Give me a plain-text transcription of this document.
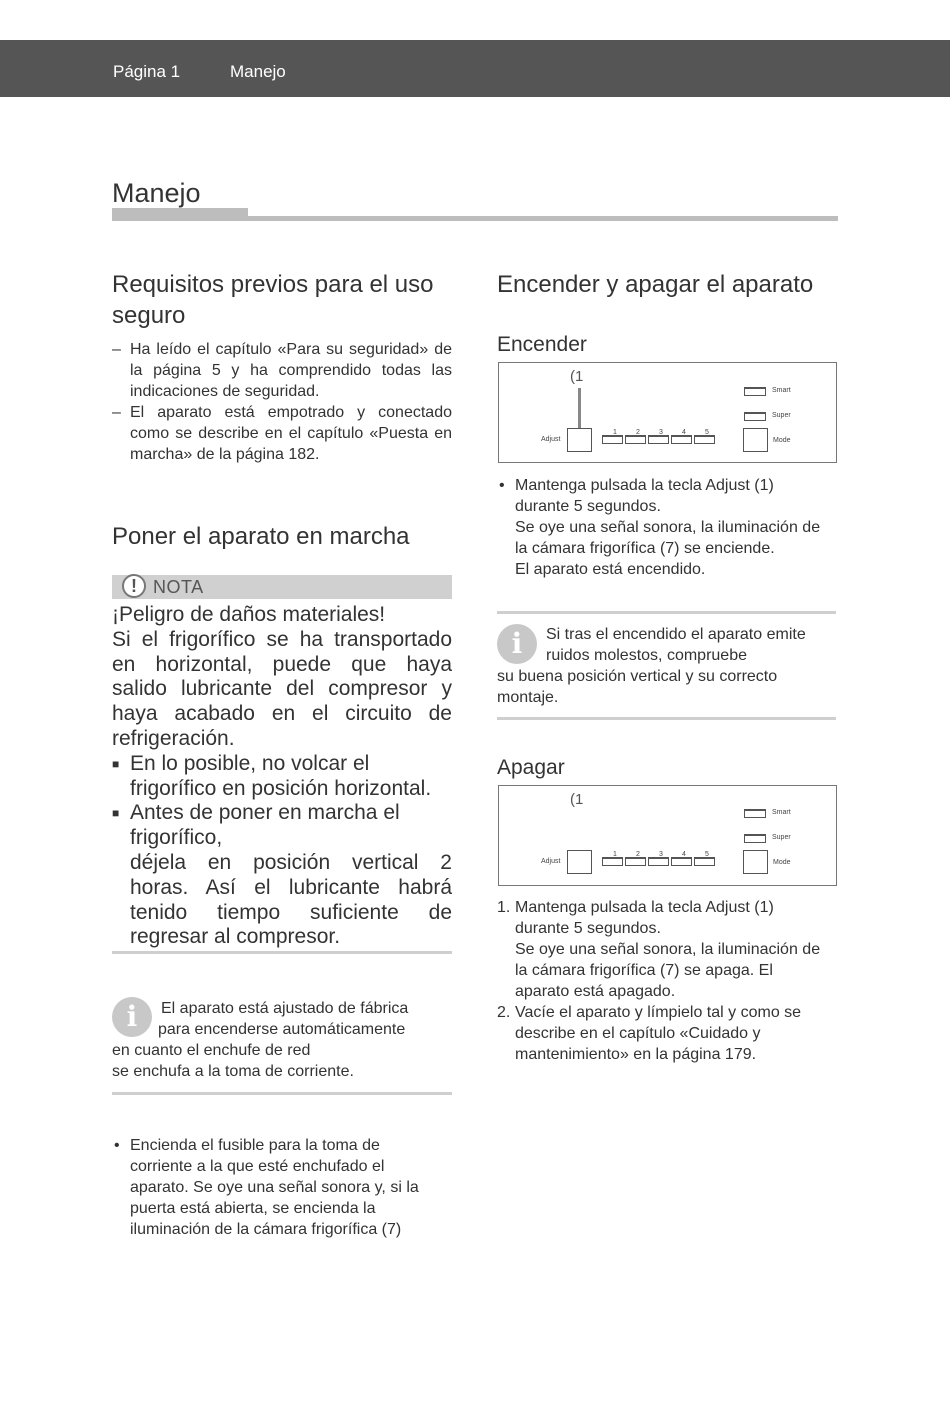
Página 1	Manejo
Manejo
Requisitos previos para el uso seguro
– Ha leído el capítulo «Para su seguridad» de la página 5 y ha comprendido todas las indicaciones de seguridad.
– El aparato está empotrado y conectado como se describe en el capítulo «Puesta en marcha» de la página 182.
Poner el aparato en marcha
! NOTA
¡Peligro de daños materiales!
Si el frigorífico se ha transportado en horizontal, puede que haya salido lubricante del compresor y haya acabado en el circuito de refrigeración.
■ En lo posible, no volcar el frigorífico en posición horizontal.
■ Antes de poner en marcha el frigorífico,
déjela en posición vertical 2 horas. Así el lubricante habrá tenido tiempo suficiente de regresar al compresor.
i	El aparato está ajustado de fábrica
para encenderse automáticamente
en cuanto el enchufe de red
se enchufa a la toma de corriente.
• Encienda el fusible para la toma de corriente a la que esté enchufado el aparato. Se oye una señal sonora y, si la puerta está abierta, se encienda la iluminación de la cámara frigorífica (7)
Encender y apagar el aparato
Encender
(1
Adjust
1	2	3	4	5
Smart
Super
Mode
• Mantenga pulsada la tecla Adjust (1) durante 5 segundos.
Se oye una señal sonora, la iluminación de la cámara frigorífica (7) se enciende.
El aparato está encendido.
i	Si tras el encendido el aparato emite
ruidos molestos, compruebe
su buena posición vertical y su correcto montaje.
Apagar
(1
Adjust
1	2	3	4	5
Smart
Super
Mode
1. Mantenga pulsada la tecla Adjust (1) durante 5 segundos.
Se oye una señal sonora, la iluminación de la cámara frigorífica (7) se apaga. El aparato está apagado.
2. Vacíe el aparato y límpielo tal y como se describe en el capítulo «Cuidado y mantenimiento» en la página 179.
